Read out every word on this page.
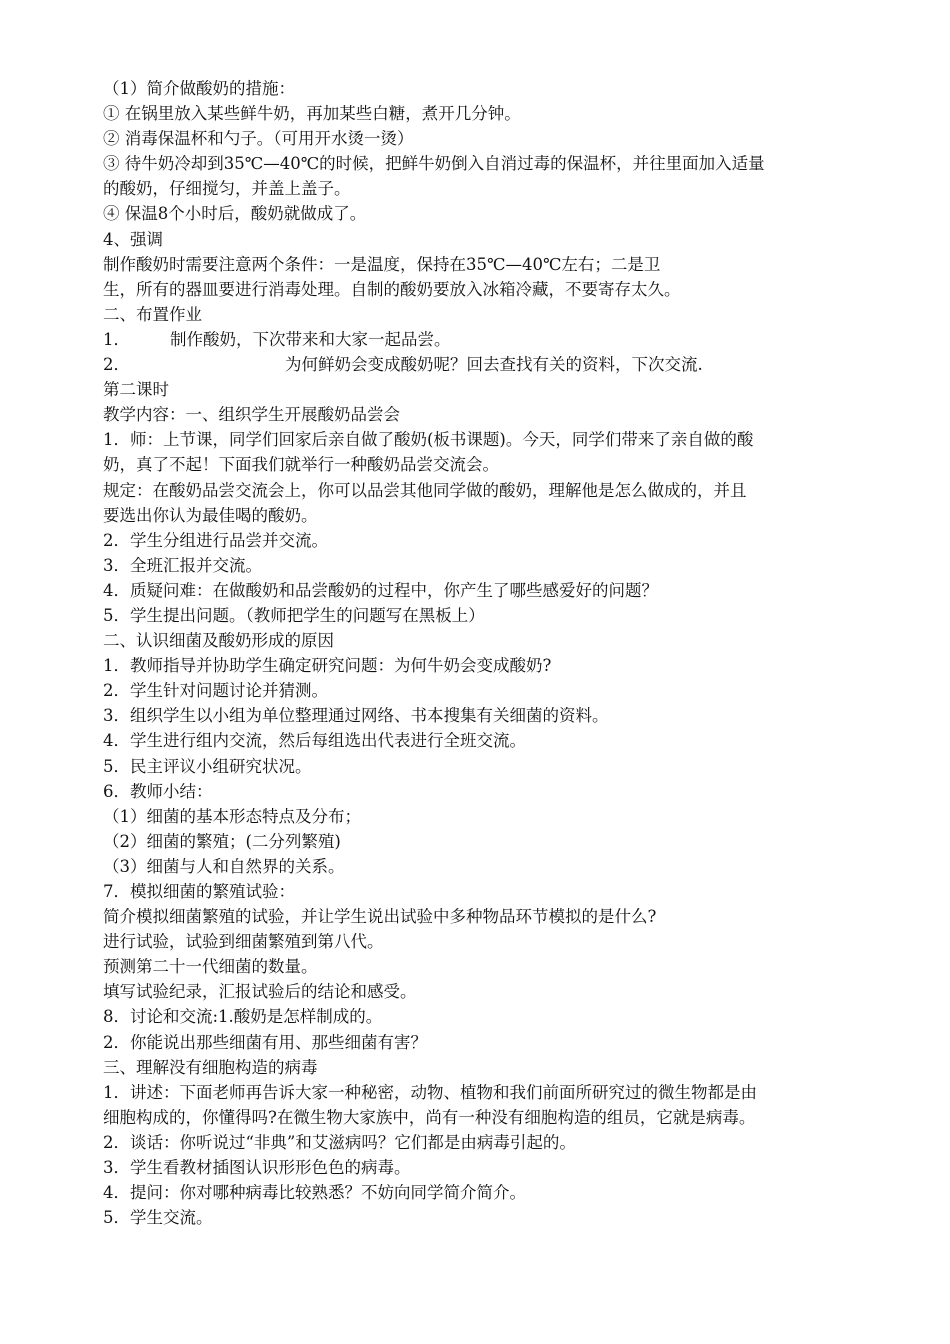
（1）简介做酸奶的措施：
① 在锅里放入某些鲜牛奶，再加某些白糖，煮开几分钟。
② 消毒保温杯和勺子。（可用开水烫一烫）
③ 待牛奶冷却到35℃—40℃的时候，把鲜牛奶倒入自消过毒的保温杯，并往里面加入适量
的酸奶，仔细搅匀，并盖上盖子。
④ 保温8个小时后，酸奶就做成了。
4、强调
制作酸奶时需要注意两个条件：一是温度，保持在35℃—40℃左右；二是卫
生，所有的器皿要进行消毒处理。自制的酸奶要放入冰箱冷藏，不要寄存太久。
二、布置作业
1． 制作酸奶，下次带来和大家一起品尝。
2．	为何鲜奶会变成酸奶呢？回去查找有关的资料，下次交流.
第二课时
教学内容：一、组织学生开展酸奶品尝会
1．师：上节课，同学们回家后亲自做了酸奶(板书课题)。今天，同学们带来了亲自做的酸
奶，真了不起！下面我们就举行一种酸奶品尝交流会。
规定：在酸奶品尝交流会上，你可以品尝其他同学做的酸奶，理解他是怎么做成的，并且
要选出你认为最佳喝的酸奶。
2．学生分组进行品尝并交流。
3．全班汇报并交流。
4．质疑问难：在做酸奶和品尝酸奶的过程中，你产生了哪些感爱好的问题？
5．学生提出问题。（教师把学生的问题写在黑板上）
二、认识细菌及酸奶形成的原因
1．教师指导并协助学生确定研究问题：为何牛奶会变成酸奶?
2．学生针对问题讨论并猜测。
3．组织学生以小组为单位整理通过网络、书本搜集有关细菌的资料。
4．学生进行组内交流，然后每组选出代表进行全班交流。
5．民主评议小组研究状况。
6．教师小结：
（1）细菌的基本形态特点及分布；
（2）细菌的繁殖；(二分列繁殖)
（3）细菌与人和自然界的关系。
7．模拟细菌的繁殖试验：
简介模拟细菌繁殖的试验，并让学生说出试验中多种物品环节模拟的是什么?
进行试验，试验到细菌繁殖到第八代。
预测第二十一代细菌的数量。
填写试验纪录，汇报试验后的结论和感受。
8．讨论和交流:1.酸奶是怎样制成的。
2．你能说出那些细菌有用、那些细菌有害？
三、理解没有细胞构造的病毒
1．讲述：下面老师再告诉大家一种秘密，动物、植物和我们前面所研究过的微生物都是由
细胞构成的，你懂得吗?在微生物大家族中，尚有一种没有细胞构造的组员，它就是病毒。
2．谈话：你听说过“非典”和艾滋病吗？它们都是由病毒引起的。
3．学生看教材插图认识形形色色的病毒。
4．提问：你对哪种病毒比较熟悉？不妨向同学简介简介。
5．学生交流。
